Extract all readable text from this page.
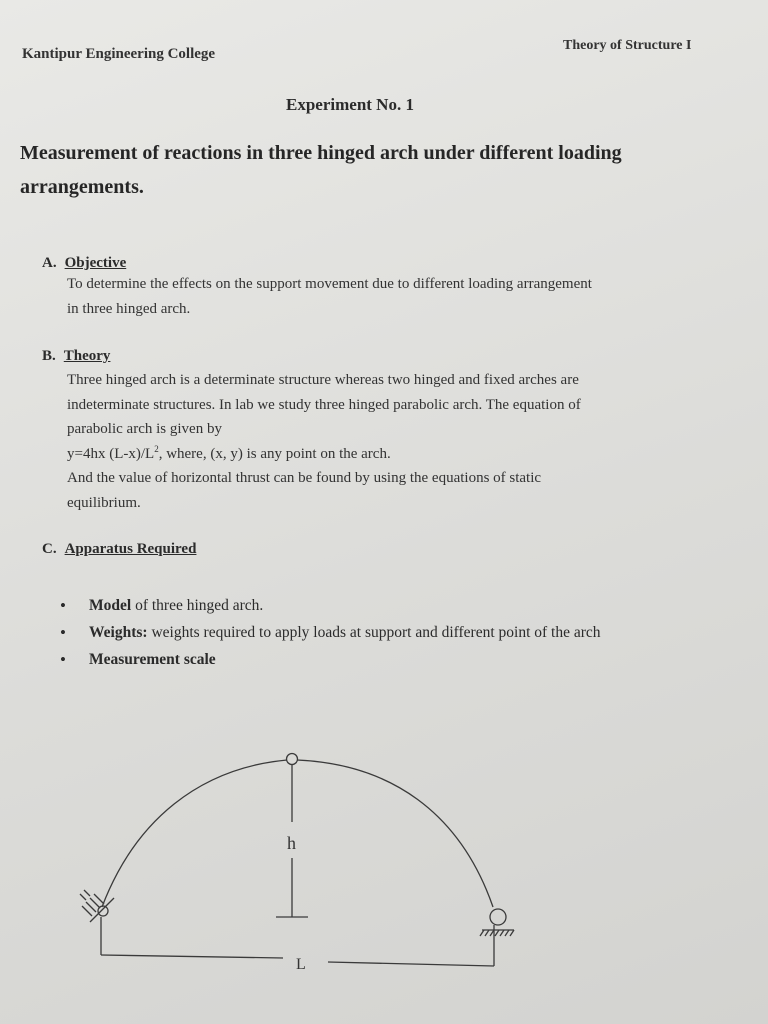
Kantipur Engineering College
Theory of Structure I
Experiment No. 1
Measurement of reactions in three hinged arch under different loading arrangements.
A. Objective
To determine the effects on the support movement due to different loading arrangement
in three hinged arch.
B. Theory
Three hinged arch is a determinate structure whereas two hinged and fixed arches are
indeterminate structures. In lab we study three hinged parabolic arch. The equation of
parabolic arch is given by
y=4hx $(L-x)/L^2$, where, (x, y) is any point on the arch.
And the value of horizontal thrust can be found by using the equations of static
equilibrium.
C. Apparatus Required
• Model of three hinged arch.
• Weights: weights required to apply loads at support and different point of the arch
• Measurement scale
h
L
